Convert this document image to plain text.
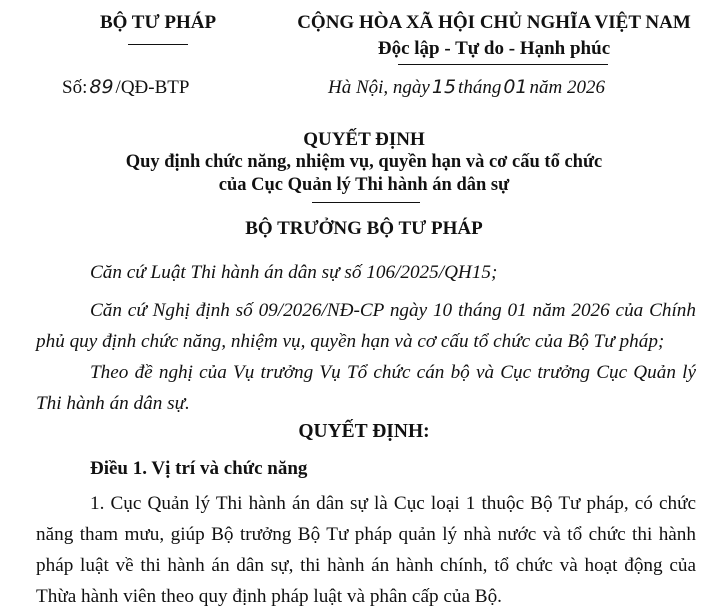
BỘ TƯ PHÁP	CỘNG HÒA XÃ HỘI CHỦ NGHĨA VIỆT NAM
Độc lập - Tự do - Hạnh phúc
Số: 89 /QĐ-BTP	Hà Nội, ngày 15 tháng 01 năm 2026
QUYẾT ĐỊNH
Quy định chức năng, nhiệm vụ, quyền hạn và cơ cấu tổ chức
của Cục Quản lý Thi hành án dân sự
BỘ TRƯỞNG BỘ TƯ PHÁP
Căn cứ Luật Thi hành án dân sự số 106/2025/QH15;
Căn cứ Nghị định số 09/2026/NĐ-CP ngày 10 tháng 01 năm 2026 của Chính phủ quy định chức năng, nhiệm vụ, quyền hạn và cơ cấu tổ chức của Bộ Tư pháp;
Theo đề nghị của Vụ trưởng Vụ Tổ chức cán bộ và Cục trưởng Cục Quản lý Thi hành án dân sự.
QUYẾT ĐỊNH:
Điều 1. Vị trí và chức năng
1. Cục Quản lý Thi hành án dân sự là Cục loại 1 thuộc Bộ Tư pháp, có chức năng tham mưu, giúp Bộ trưởng Bộ Tư pháp quản lý nhà nước và tổ chức thi hành pháp luật về thi hành án dân sự, thi hành án hành chính, tổ chức và hoạt động của Thừa hành viên theo quy định pháp luật và phân cấp của Bộ.
